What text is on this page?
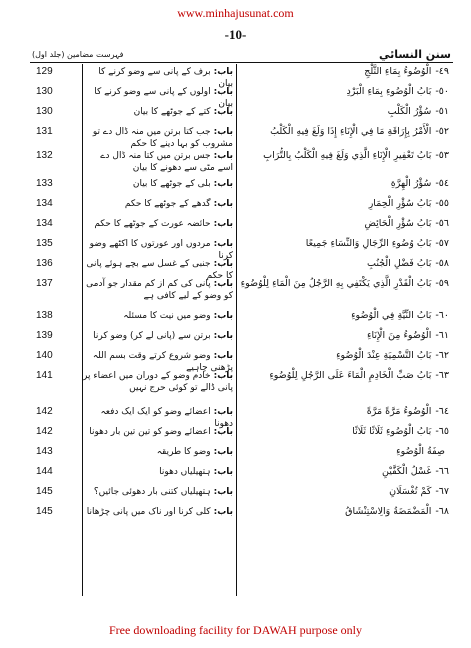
www.minhajusunat.com
-10-
سنن النسائي
فہرست مضامین (جلد اول)
٤٩-الْوُضُوءُ بِمَاءِ الثَّلْجِ
باب:برف کے پانی سے وضو کرنے کا بیان
129
٥٠-بَابُ الْوُضُوءِ بِمَاءِ الْبَرْدِ
باب:اولوں کے پانی سے وضو کرنے کا بیان
130
٥١-سُؤْرُ الْكَلْبِ
باب:کتے کے جوٹھے کا بیان
130
٥٢-الْأَمْرُ بِإِرَاقَةِ مَا فِي الْإِنَاءِ إِذَا وَلَغَ فِيهِ الْكَلْبُ
باب:جب کتا برتن میں منہ ڈال دے تو مشروب کو بہا دینے کا حکم
131
٥٣-بَابُ تَعْفِيرِ الْإِنَاءِ الَّذِي وَلَغَ فِيهِ الْكَلْبُ بِالتُّرَابِ
باب:جس برتن میں کتا منہ ڈال دے اسے مٹی سے دھونے کا بیان
132
٥٤-سُؤْرُ الْهِرَّةِ
باب:بلی کے جوٹھے کا بیان
133
٥٥-بَابُ سُؤْرِ الْحِمَارِ
باب:گدھے کے جوٹھے کا حکم
134
٥٦-بَابُ سُؤْرِ الْحَائِضِ
باب:حائضہ عورت کے جوٹھے کا حکم
134
٥٧-بَابُ وُضُوءِ الرِّجَالِ وَالنِّسَاءِ جَمِيعًا
باب:مردوں اور عورتوں کا اکٹھے وضو کرنا
135
٥٨-بَابُ فَضْلِ الْجُنُبِ
باب:جنبی کے غسل سے بچے ہوئے پانی کا حکم
136
٥٩-بَابُ الْقَدْرِ الَّذِي يَكْتَفِي بِهِ الرَّجُلُ مِنَ الْمَاءِ لِلْوُضُوءِ
باب:پانی کی کم از کم مقدار جو آدمی کو وضو کے لیے کافی ہے
137
٦٠-بَابُ النِّيَّةِ فِي الْوُضُوءِ
باب:وضو میں نیت کا مسئلہ
138
٦١-الْوُضُوءُ مِنَ الْإِنَاءِ
باب:برتن سے (پانی لے کر) وضو کرنا
139
٦٢-بَابُ التَّسْمِيَةِ عِنْدَ الْوُضُوءِ
باب:وضو شروع کرتے وقت بسم اللہ پڑھنی چاہیے
140
٦٣-بَابُ صَبِّ الْخَادِمِ الْمَاءَ عَلَى الرَّجُلِ لِلْوُضُوءِ
باب:خادم وضو کے دوران میں اعضاء پر پانی ڈالے تو کوئی حرج نہیں
141
٦٤-الْوُضُوءُ مَرَّةً مَرَّةً
باب:اعضائے وضو کو ایک ایک دفعہ دھونا
142
٦٥-بَابُ الْوُضُوءِ ثَلَاثًا ثَلَاثًا
باب:اعضائے وضو کو تین تین بار دھونا
142
صِفَةُ الْوُضُوءِ
باب:وضو کا طریقہ
143
٦٦-غَسْلُ الْكَفَّيْنِ
باب:ہتھیلیاں دھونا
144
٦٧-كَمْ تُغْسَلَانِ
باب:ہتھیلیاں کتنی بار دھوئی جائیں؟
145
٦٨-الْمَضْمَضَةُ وَالِاسْتِنْشَاقُ
باب:کلی کرنا اور ناک میں پانی چڑھانا
145
Free downloading facility for DAWAH purpose only
